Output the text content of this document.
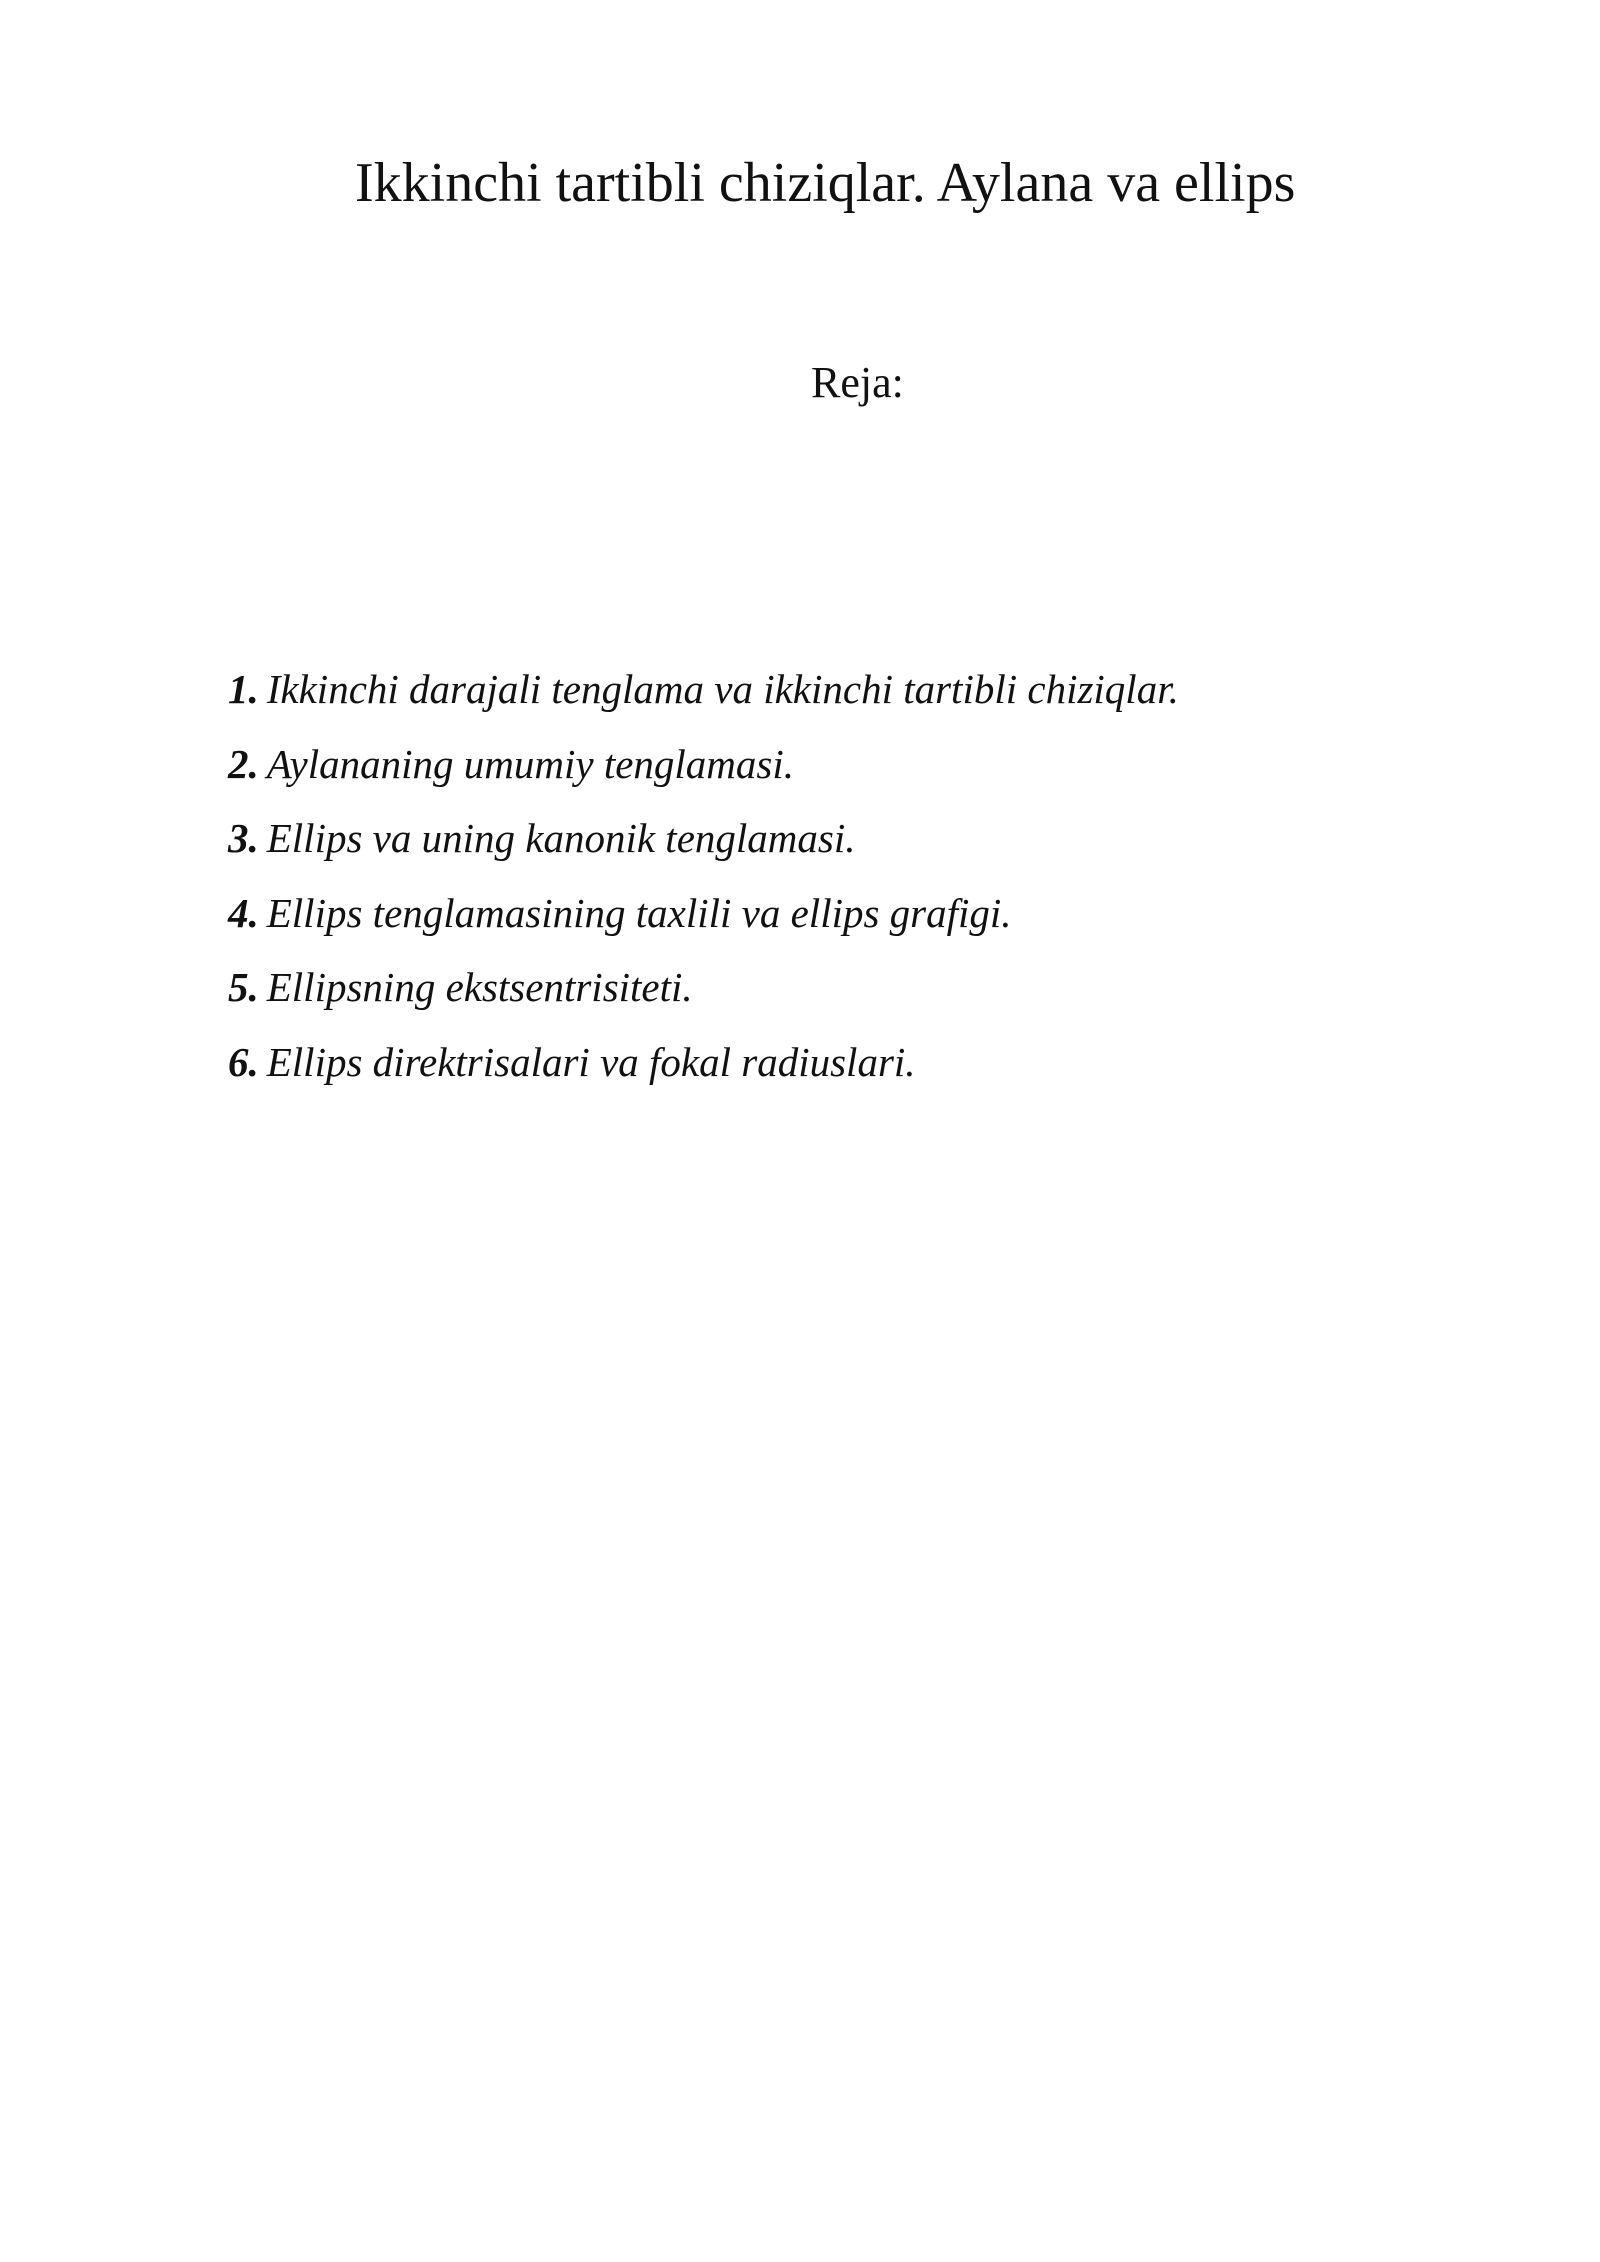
Ikkinchi tartibli chiziqlar. Aylana va ellips
Reja:
1. Ikkinchi darajali tenglama va ikkinchi tartibli chiziqlar.
2. Aylananing umumiy tenglamasi.
3. Ellips va uning kanonik tenglamasi.
4. Ellips tenglamasining taxlili va ellips grafigi.
5. Ellipsning ekstsentrisiteti.
6. Ellips direktrisalari va fokal radiuslari.
